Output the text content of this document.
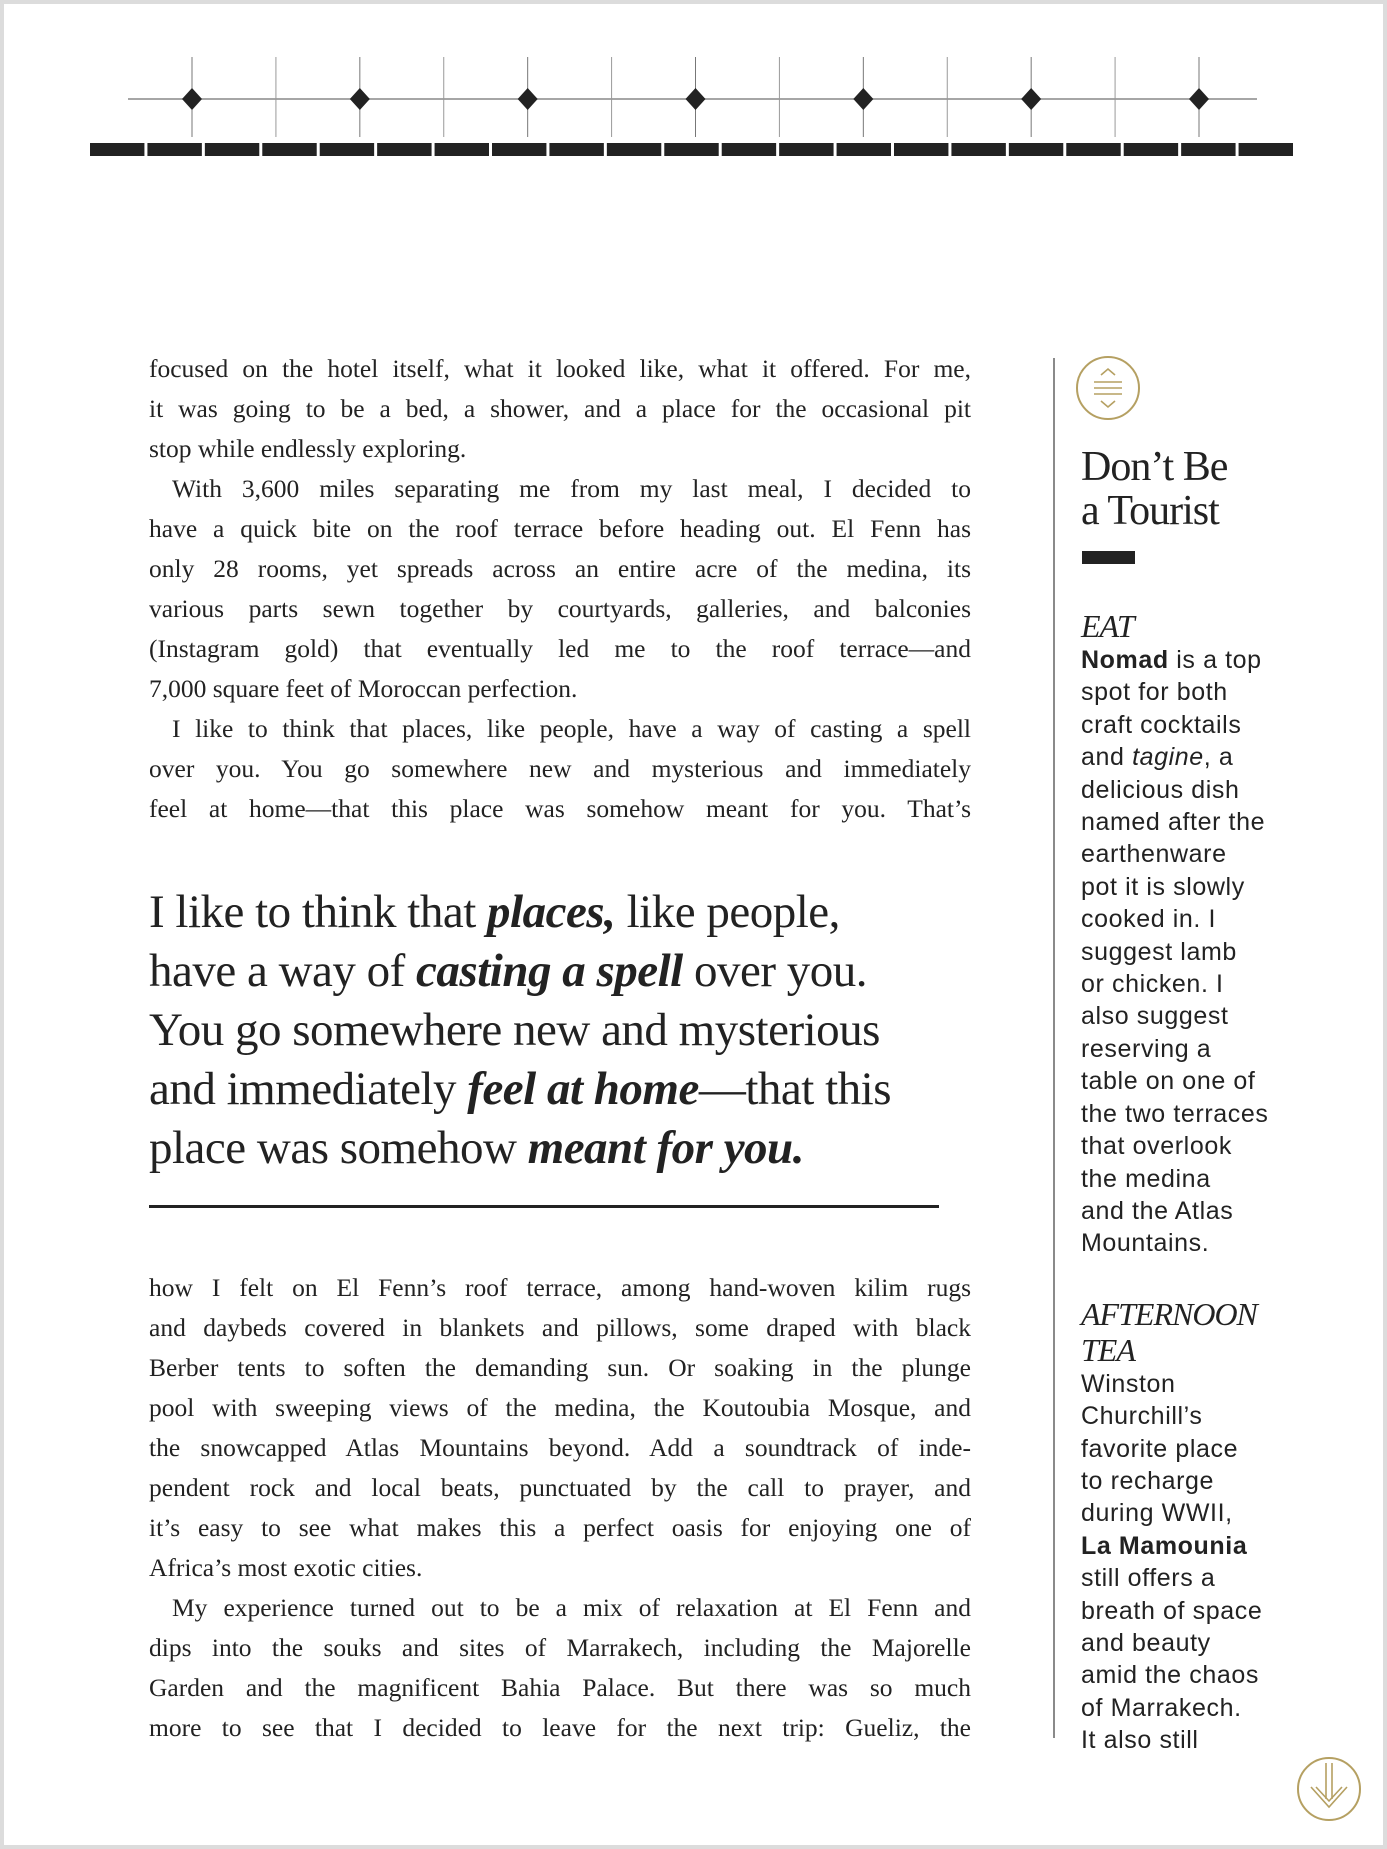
focused on the hotel itself, what it looked like, what it offered. For me,
it was going to be a bed, a shower, and a place for the occasional pit
stop while endlessly exploring.
With 3,600 miles separating me from my last meal, I decided to
have a quick bite on the roof terrace before heading out. El Fenn has
only 28 rooms, yet spreads across an entire acre of the medina, its
various parts sewn together by courtyards, galleries, and balconies
(Instagram gold) that eventually led me to the roof terrace—and
7,000 square feet of Moroccan perfection.
I like to think that places, like people, have a way of casting a spell
over you. You go somewhere new and mysterious and immediately
feel at home—that this place was somehow meant for you. That’s
I like to think that places, like people,
have a way of casting a spell over you.
You go somewhere new and mysterious
and immediately feel at home—that this
place was somehow meant for you.
how I felt on El Fenn’s roof terrace, among hand-woven kilim rugs
and daybeds covered in blankets and pillows, some draped with black
Berber tents to soften the demanding sun. Or soaking in the plunge
pool with sweeping views of the medina, the Koutoubia Mosque, and
the snowcapped Atlas Mountains beyond. Add a soundtrack of inde-
pendent rock and local beats, punctuated by the call to prayer, and
it’s easy to see what makes this a perfect oasis for enjoying one of
Africa’s most exotic cities.
My experience turned out to be a mix of relaxation at El Fenn and
dips into the souks and sites of Marrakech, including the Majorelle
Garden and the magnificent Bahia Palace. But there was so much
more to see that I decided to leave for the next trip: Gueliz, the
Don’t Be
a Tourist
EAT
Nomad is a top
spot for both
craft cocktails
and tagine, a
delicious dish
named after the
earthenware
pot it is slowly
cooked in. I
suggest lamb
or chicken. I
also suggest
reserving a
table on one of
the two terraces
that overlook
the medina
and the Atlas
Mountains.
AFTERNOON
TEA
Winston
Churchill’s
favorite place
to recharge
during WWII,
La Mamounia
still offers a
breath of space
and beauty
amid the chaos
of Marrakech.
It also still
